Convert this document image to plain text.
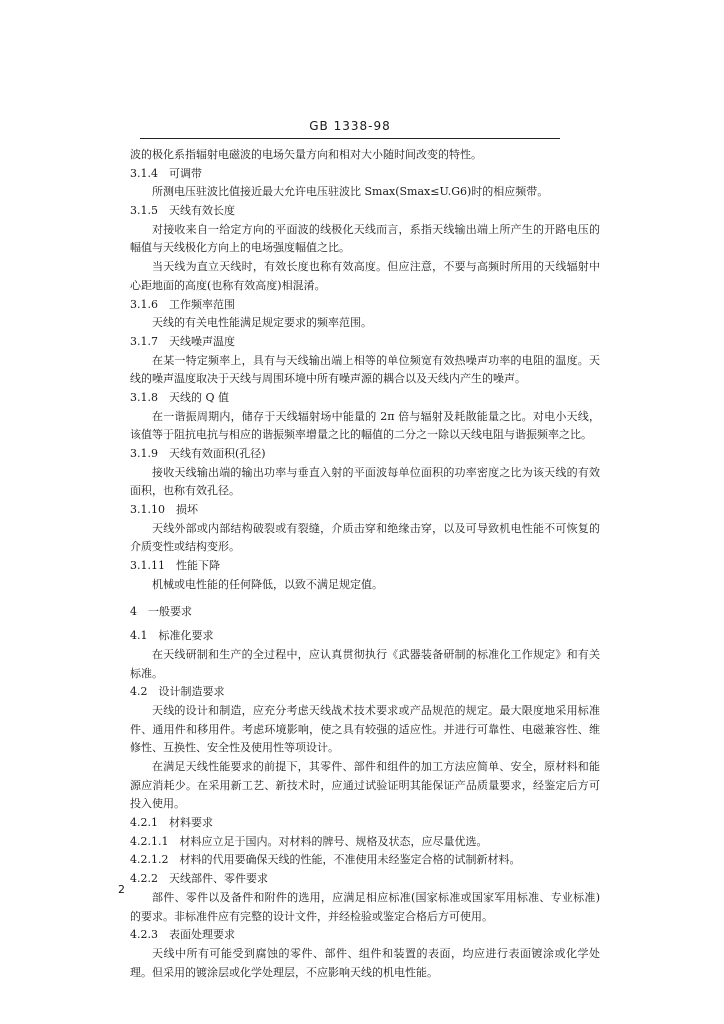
GB 1338-98

波的极化系指辐射电磁波的电场矢量方向和相对大小随时间改变的特性。

3.1.4　可调带

所测电压驻波比值接近最大允许电压驻波比 Smax(Smax≤U.G6)时的相应频带。

3.1.5　天线有效长度

对接收来自一给定方向的平面波的线极化天线而言，系指天线输出端上所产生的开路电压的幅值与天线极化方向上的电场强度幅值之比。

当天线为直立天线时，有效长度也称有效高度。但应注意，不要与高频时所用的天线辐射中心距地面的高度(也称有效高度)相混淆。

3.1.6　工作频率范围

天线的有关电性能满足规定要求的频率范围。

3.1.7　天线噪声温度

在某一特定频率上，具有与天线输出端上相等的单位频宽有效热噪声功率的电阻的温度。天线的噪声温度取决于天线与周围环境中所有噪声源的耦合以及天线内产生的噪声。

3.1.8　天线的 Q 值

在一谐振周期内，储存于天线辐射场中能量的 2π 倍与辐射及耗散能量之比。对电小天线，该值等于阻抗电抗与相应的谐振频率增量之比的幅值的二分之一除以天线电阻与谐振频率之比。

3.1.9　天线有效面积(孔径)

接收天线输出端的输出功率与垂直入射的平面波每单位面积的功率密度之比为该天线的有效面积，也称有效孔径。

3.1.10　损坏

天线外部或内部结构破裂或有裂缝，介质击穿和绝缘击穿，以及可导致机电性能不可恢复的介质变性或结构变形。

3.1.11　性能下降

机械或电性能的任何降低，以致不满足规定值。

4　一般要求

4.1　标准化要求

在天线研制和生产的全过程中，应认真贯彻执行《武器装备研制的标准化工作规定》和有关标准。

4.2　设计制造要求

天线的设计和制造，应充分考虑天线战术技术要求或产品规范的规定。最大限度地采用标准件、通用件和移用件。考虑环境影响，使之具有较强的适应性。并进行可靠性、电磁兼容性、维修性、互换性、安全性及使用性等项设计。

在满足天线性能要求的前提下，其零件、部件和组件的加工方法应简单、安全，原材料和能源应消耗少。在采用新工艺、新技术时，应通过试验证明其能保证产品质量要求，经鉴定后方可投入使用。

4.2.1　材料要求

4.2.1.1　材料应立足于国内。对材料的牌号、规格及状态，应尽量优选。

4.2.1.2　材料的代用要确保天线的性能，不准使用未经鉴定合格的试制新材料。

4.2.2　天线部件、零件要求

部件、零件以及备件和附件的选用，应满足相应标准(国家标准或国家军用标准、专业标准)的要求。非标准件应有完整的设计文件，并经检验或鉴定合格后方可使用。

4.2.3　表面处理要求

天线中所有可能受到腐蚀的零件、部件、组件和装置的表面，均应进行表面镀涂或化学处理。但采用的镀涂层或化学处理层，不应影响天线的机电性能。

2
